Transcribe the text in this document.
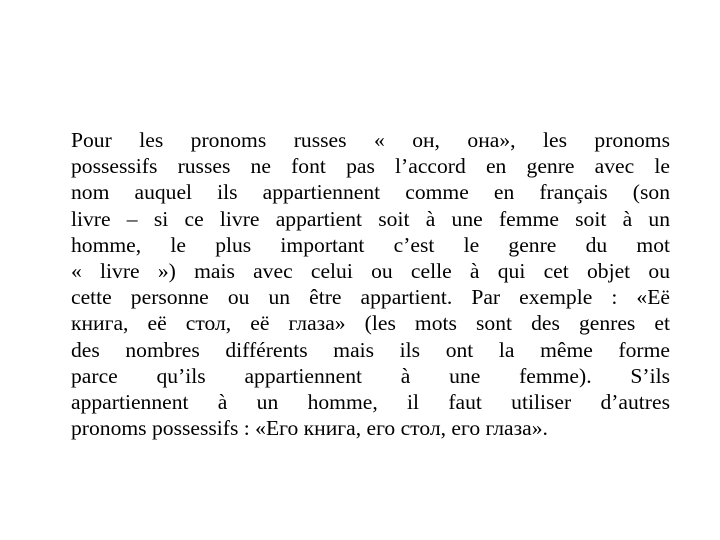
Pour les pronoms russes « он, она», les pronoms
possessifs russes ne font pas l’accord en genre avec le
nom auquel ils appartiennent comme en français (son
livre – si ce livre appartient soit à une femme soit à un
homme, le plus important c’est le genre du mot
« livre ») mais avec celui ou celle à qui cet objet ou
cette personne ou un être appartient. Par exemple : «Её
книга, её стол, её глаза» (les mots sont des genres et
des nombres différents mais ils ont la même forme
parce qu’ils appartiennent à une femme). S’ils
appartiennent à un homme, il faut utiliser d’autres
pronoms possessifs : «Его книга, его стол, его глаза».
